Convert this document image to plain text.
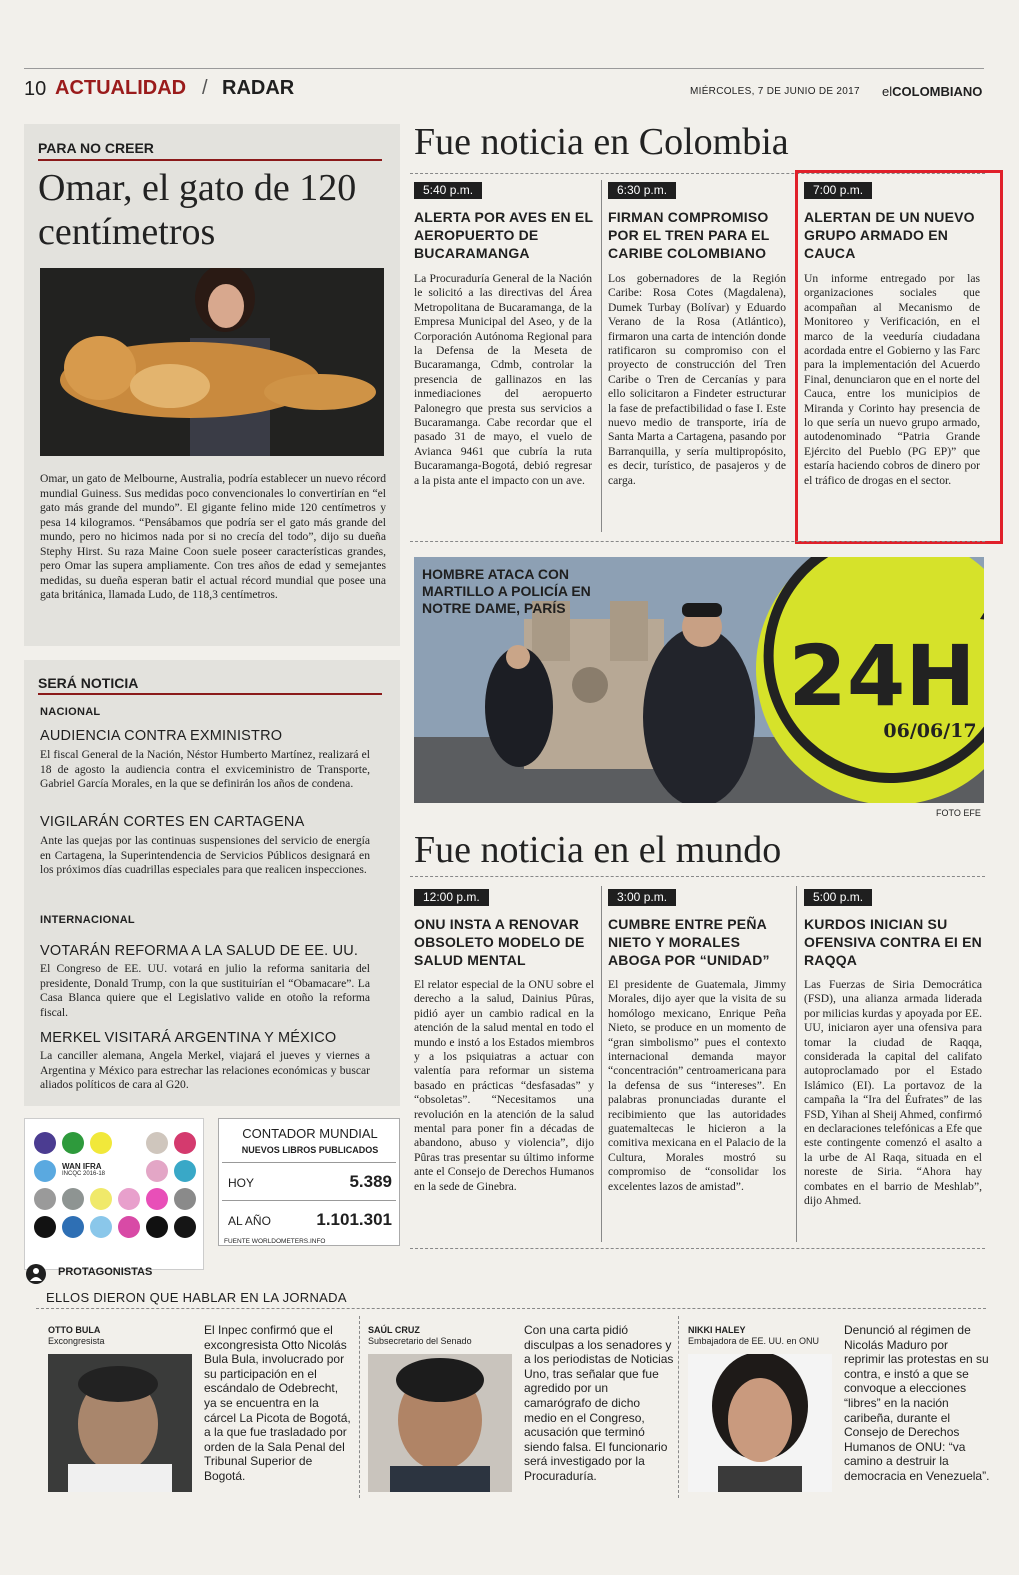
10 ACTUALIDAD / RADAR	MIÉRCOLES, 7 DE JUNIO DE 2017 elCOLOMBIANO
PARA NO CREER
Omar, el gato de 120 centímetros
Omar, un gato de Melbourne, Australia, podría establecer un nuevo récord mundial Guiness. Sus medidas poco convencionales lo convertirían en “el gato más grande del mundo”. El gigante felino mide 120 centímetros y pesa 14 kilogramos. “Pensábamos que podría ser el gato más grande del mundo, pero no hicimos nada por si no crecía del todo”, dijo su dueña Stephy Hirst. Su raza Maine Coon suele poseer características grandes, pero Omar las supera ampliamente. Con tres años de edad y semejantes medidas, su dueña esperan batir el actual récord mundial que posee una gata británica, llamada Ludo, de 118,3 centímetros.
SERÁ NOTICIA
NACIONAL
AUDIENCIA CONTRA EXMINISTRO
El fiscal General de la Nación, Néstor Humberto Martínez, realizará el 18 de agosto la audiencia contra el exviceministro de Transporte, Gabriel García Morales, en la que se definirán los años de condena.
VIGILARÁN CORTES EN CARTAGENA
Ante las quejas por las continuas suspensiones del servicio de energía en Cartagena, la Superintendencia de Servicios Públicos designará en los próximos días cuadrillas especiales para que realicen inspecciones.
INTERNACIONAL
VOTARÁN REFORMA A LA SALUD DE EE. UU.
El Congreso de EE. UU. votará en julio la reforma sanitaria del presidente, Donald Trump, con la que sustituirían el “Obamacare”. La Casa Blanca quiere que el Legislativo valide en otoño la reforma fiscal.
MERKEL VISITARÁ ARGENTINA Y MÉXICO
La canciller alemana, Angela Merkel, viajará el jueves y viernes a Argentina y México para estrechar las relaciones económicas y buscar aliados políticos de cara al G20.
WAN IFRA
INCQC 2016-18
CONTADOR MUNDIAL
NUEVOS LIBROS PUBLICADOS
HOY	5.389
AL AÑO	1.101.301
FUENTE WORLDOMETERS.INFO
Fue noticia en Colombia
5:40 p.m.
ALERTA POR AVES EN EL AEROPUERTO DE BUCARAMANGA
La Procuraduría General de la Nación le solicitó a las directivas del Área Metropolitana de Bucaramanga, de la Empresa Municipal del Aseo, y de la Corporación Autónoma Regional para la Defensa de la Meseta de Bucaramanga, Cdmb, controlar la presencia de gallinazos en las inmediaciones del aeropuerto Palonegro que presta sus servicios a Bucaramanga. Cabe recordar que el pasado 31 de mayo, el vuelo de Avianca 9461 que cubría la ruta Bucaramanga-Bogotá, debió regresar a la pista ante el impacto con un ave.
6:30 p.m.
FIRMAN COMPROMISO POR EL TREN PARA EL CARIBE COLOMBIANO
Los gobernadores de la Región Caribe: Rosa Cotes (Magdalena), Dumek Turbay (Bolívar) y Eduardo Verano de la Rosa (Atlántico), firmaron una carta de intención donde ratificaron su compromiso con el proyecto de construcción del Tren Caribe o Tren de Cercanías y para ello solicitaron a Findeter estructurar la fase de prefactibilidad o fase I. Este nuevo medio de transporte, iría de Santa Marta a Cartagena, pasando por Barranquilla, y sería multipropósito, es decir, turístico, de pasajeros y de carga.
7:00 p.m.
ALERTAN DE UN NUEVO GRUPO ARMADO EN CAUCA
Un informe entregado por las organizaciones sociales que acompañan al Mecanismo de Monitoreo y Verificación, en el marco de la veeduría ciudadana acordada entre el Gobierno y las Farc para la implementación del Acuerdo Final, denunciaron que en el norte del Cauca, entre los municipios de Miranda y Corinto hay presencia de lo que sería un nuevo grupo armado, autodenominado “Patria Grande Ejército del Pueblo (PG EP)” que estaría haciendo cobros de dinero por el tráfico de drogas en el sector.
24H
06/06/17
HOMBRE ATACA CON MARTILLO A POLICÍA EN NOTRE DAME, PARÍS
FOTO EFE
Fue noticia en el mundo
12:00 p.m.
ONU INSTA A RENOVAR OBSOLETO MODELO DE SALUD MENTAL
El relator especial de la ONU sobre el derecho a la salud, Dainius Pûras, pidió ayer un cambio radical en la atención de la salud mental en todo el mundo e instó a los Estados miembros y a los psiquiatras a actuar con valentía para reformar un sistema basado en prácticas “desfasadas” y “obsoletas”. “Necesitamos una revolución en la atención de la salud mental para poner fin a décadas de abandono, abuso y violencia”, dijo Pûras tras presentar su último informe ante el Consejo de Derechos Humanos en la sede de Ginebra.
3:00 p.m.
CUMBRE ENTRE PEÑA NIETO Y MORALES ABOGA POR “UNIDAD”
El presidente de Guatemala, Jimmy Morales, dijo ayer que la visita de su homólogo mexicano, Enrique Peña Nieto, se produce en un momento de “gran simbolismo” pues el contexto internacional demanda mayor “concentración” centroamericana para la defensa de sus “intereses”. En palabras pronunciadas durante el recibimiento que las autoridades guatemaltecas le hicieron a la comitiva mexicana en el Palacio de la Cultura, Morales mostró su compromiso de “consolidar los excelentes lazos de amistad”.
5:00 p.m.
KURDOS INICIAN SU OFENSIVA CONTRA EI EN RAQQA
Las Fuerzas de Siria Democrática (FSD), una alianza armada liderada por milicias kurdas y apoyada por EE. UU, iniciaron ayer una ofensiva para tomar la ciudad de Raqqa, considerada la capital del califato autoproclamado por el Estado Islámico (EI). La portavoz de la campaña la “Ira del Éufrates” de las FSD, Yihan al Sheij Ahmed, confirmó en declaraciones telefónicas a Efe que este contingente comenzó el asalto a la urbe de Al Raqa, situada en el noreste de Siria. “Ahora hay combates en el barrio de Meshlab”, dijo Ahmed.
PROTAGONISTAS
ELLOS DIERON QUE HABLAR EN LA JORNADA
OTTO BULA
Excongresista
El Inpec confirmó que el excongresista Otto Nicolás Bula Bula, involucrado por su participación en el escándalo de Odebrecht, ya se encuentra en la cárcel La Picota de Bogotá, a la que fue trasladado por orden de la Sala Penal del Tribunal Superior de Bogotá.
SAÚL CRUZ
Subsecretario del Senado
Con una carta pidió disculpas a los senadores y a los periodistas de Noticias Uno, tras señalar que fue agredido por un camarógrafo de dicho medio en el Congreso, acusación que terminó siendo falsa. El funcionario será investigado por la Procuraduría.
NIKKI HALEY
Embajadora de EE. UU. en ONU
Denunció al régimen de Nicolás Maduro por reprimir las protestas en su contra, e instó a que se convoque a elecciones “libres” en la nación caribeña, durante el Consejo de Derechos Humanos de ONU: “va camino a destruir la democracia en Venezuela”.
